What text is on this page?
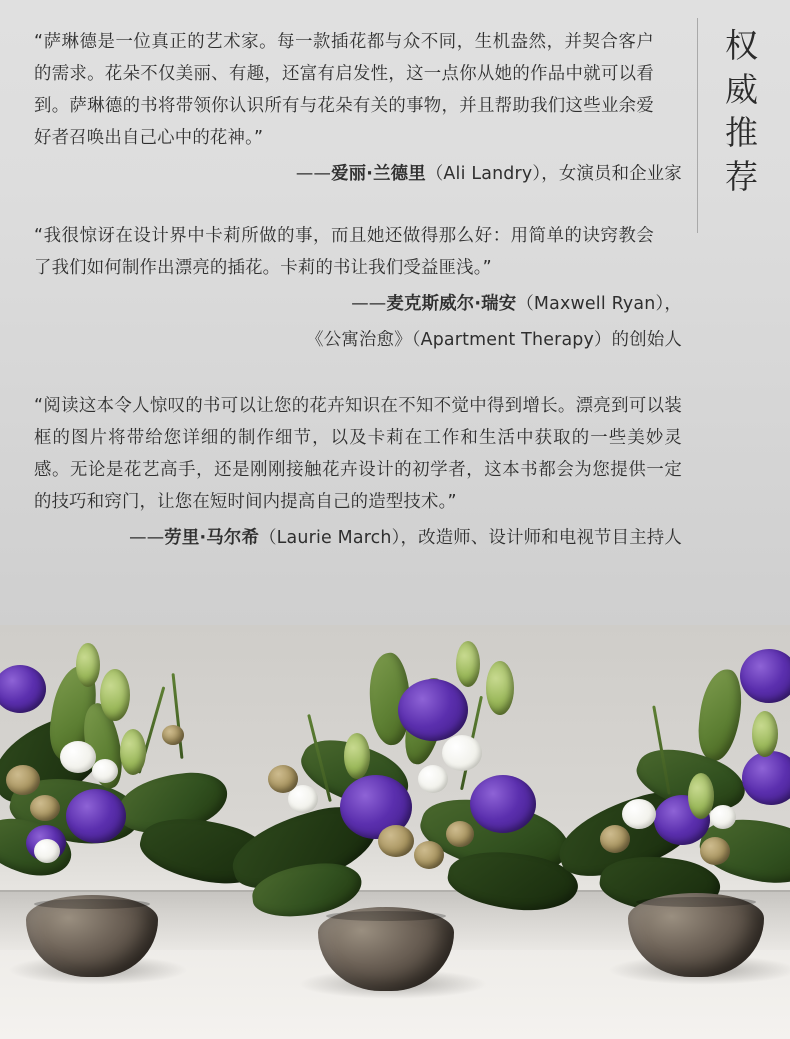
权
威
推
荐
“萨琳德是一位真正的艺术家。每一款插花都与众不同，生机盎然，并契合客户的需求。花朵不仅美丽、有趣，还富有启发性，这一点你从她的作品中就可以看到。萨琳德的书将带领你认识所有与花朵有关的事物，并且帮助我们这些业余爱好者召唤出自己心中的花神。”
——爱丽·兰德里（Ali Landry），女演员和企业家
“我很惊讶在设计界中卡莉所做的事，而且她还做得那么好：用简单的诀窍教会了我们如何制作出漂亮的插花。卡莉的书让我们受益匪浅。”
——麦克斯威尔·瑞安（Maxwell Ryan），
《公寓治愈》（Apartment Therapy）的创始人
“阅读这本令人惊叹的书可以让您的花卉知识在不知不觉中得到增长。漂亮到可以装框的图片将带给您详细的制作细节，以及卡莉在工作和生活中获取的一些美妙灵感。无论是花艺高手，还是刚刚接触花卉设计的初学者，这本书都会为您提供一定的技巧和窍门，让您在短时间内提高自己的造型技术。”
——劳里·马尔希（Laurie March），改造师、设计师和电视节目主持人
